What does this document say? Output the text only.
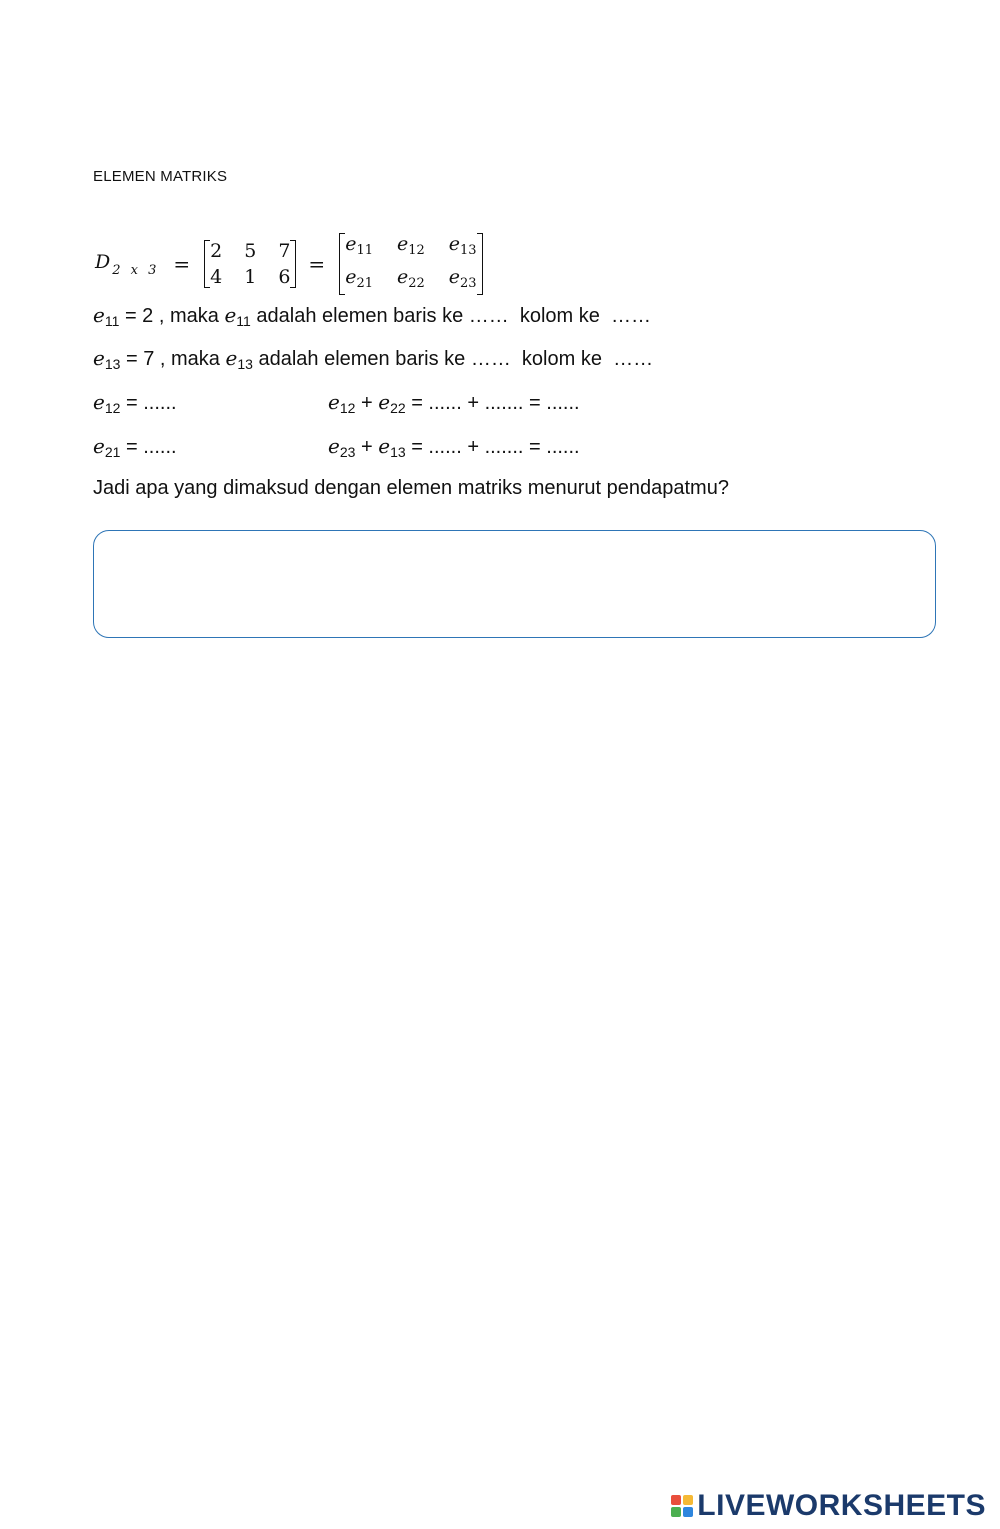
ELEMEN MATRIKS
D $_{2 x 3}$ =
2 5 7
4 1 6
=
$e_{11}$ $e_{12}$ $e_{13}$
$e_{21}$ $e_{22}$ $e_{23}$
$e_{11} = 2$ , maka $e_{11}$ adalah elemen baris ke ……  kolom ke  ……
$e_{13} = 7$ , maka $e_{13}$ adalah elemen baris ke ……  kolom ke  ……
$e_{12}$ = ......	$e_{12} + e_{22}$ = ...... + ....... = ......
$e_{21}$ = ......	$e_{23} + e_{13}$ = ...... + ....... = ......
Jadi apa yang dimaksud dengan elemen matriks menurut pendapatmu?
LIVEWORKSHEETS
